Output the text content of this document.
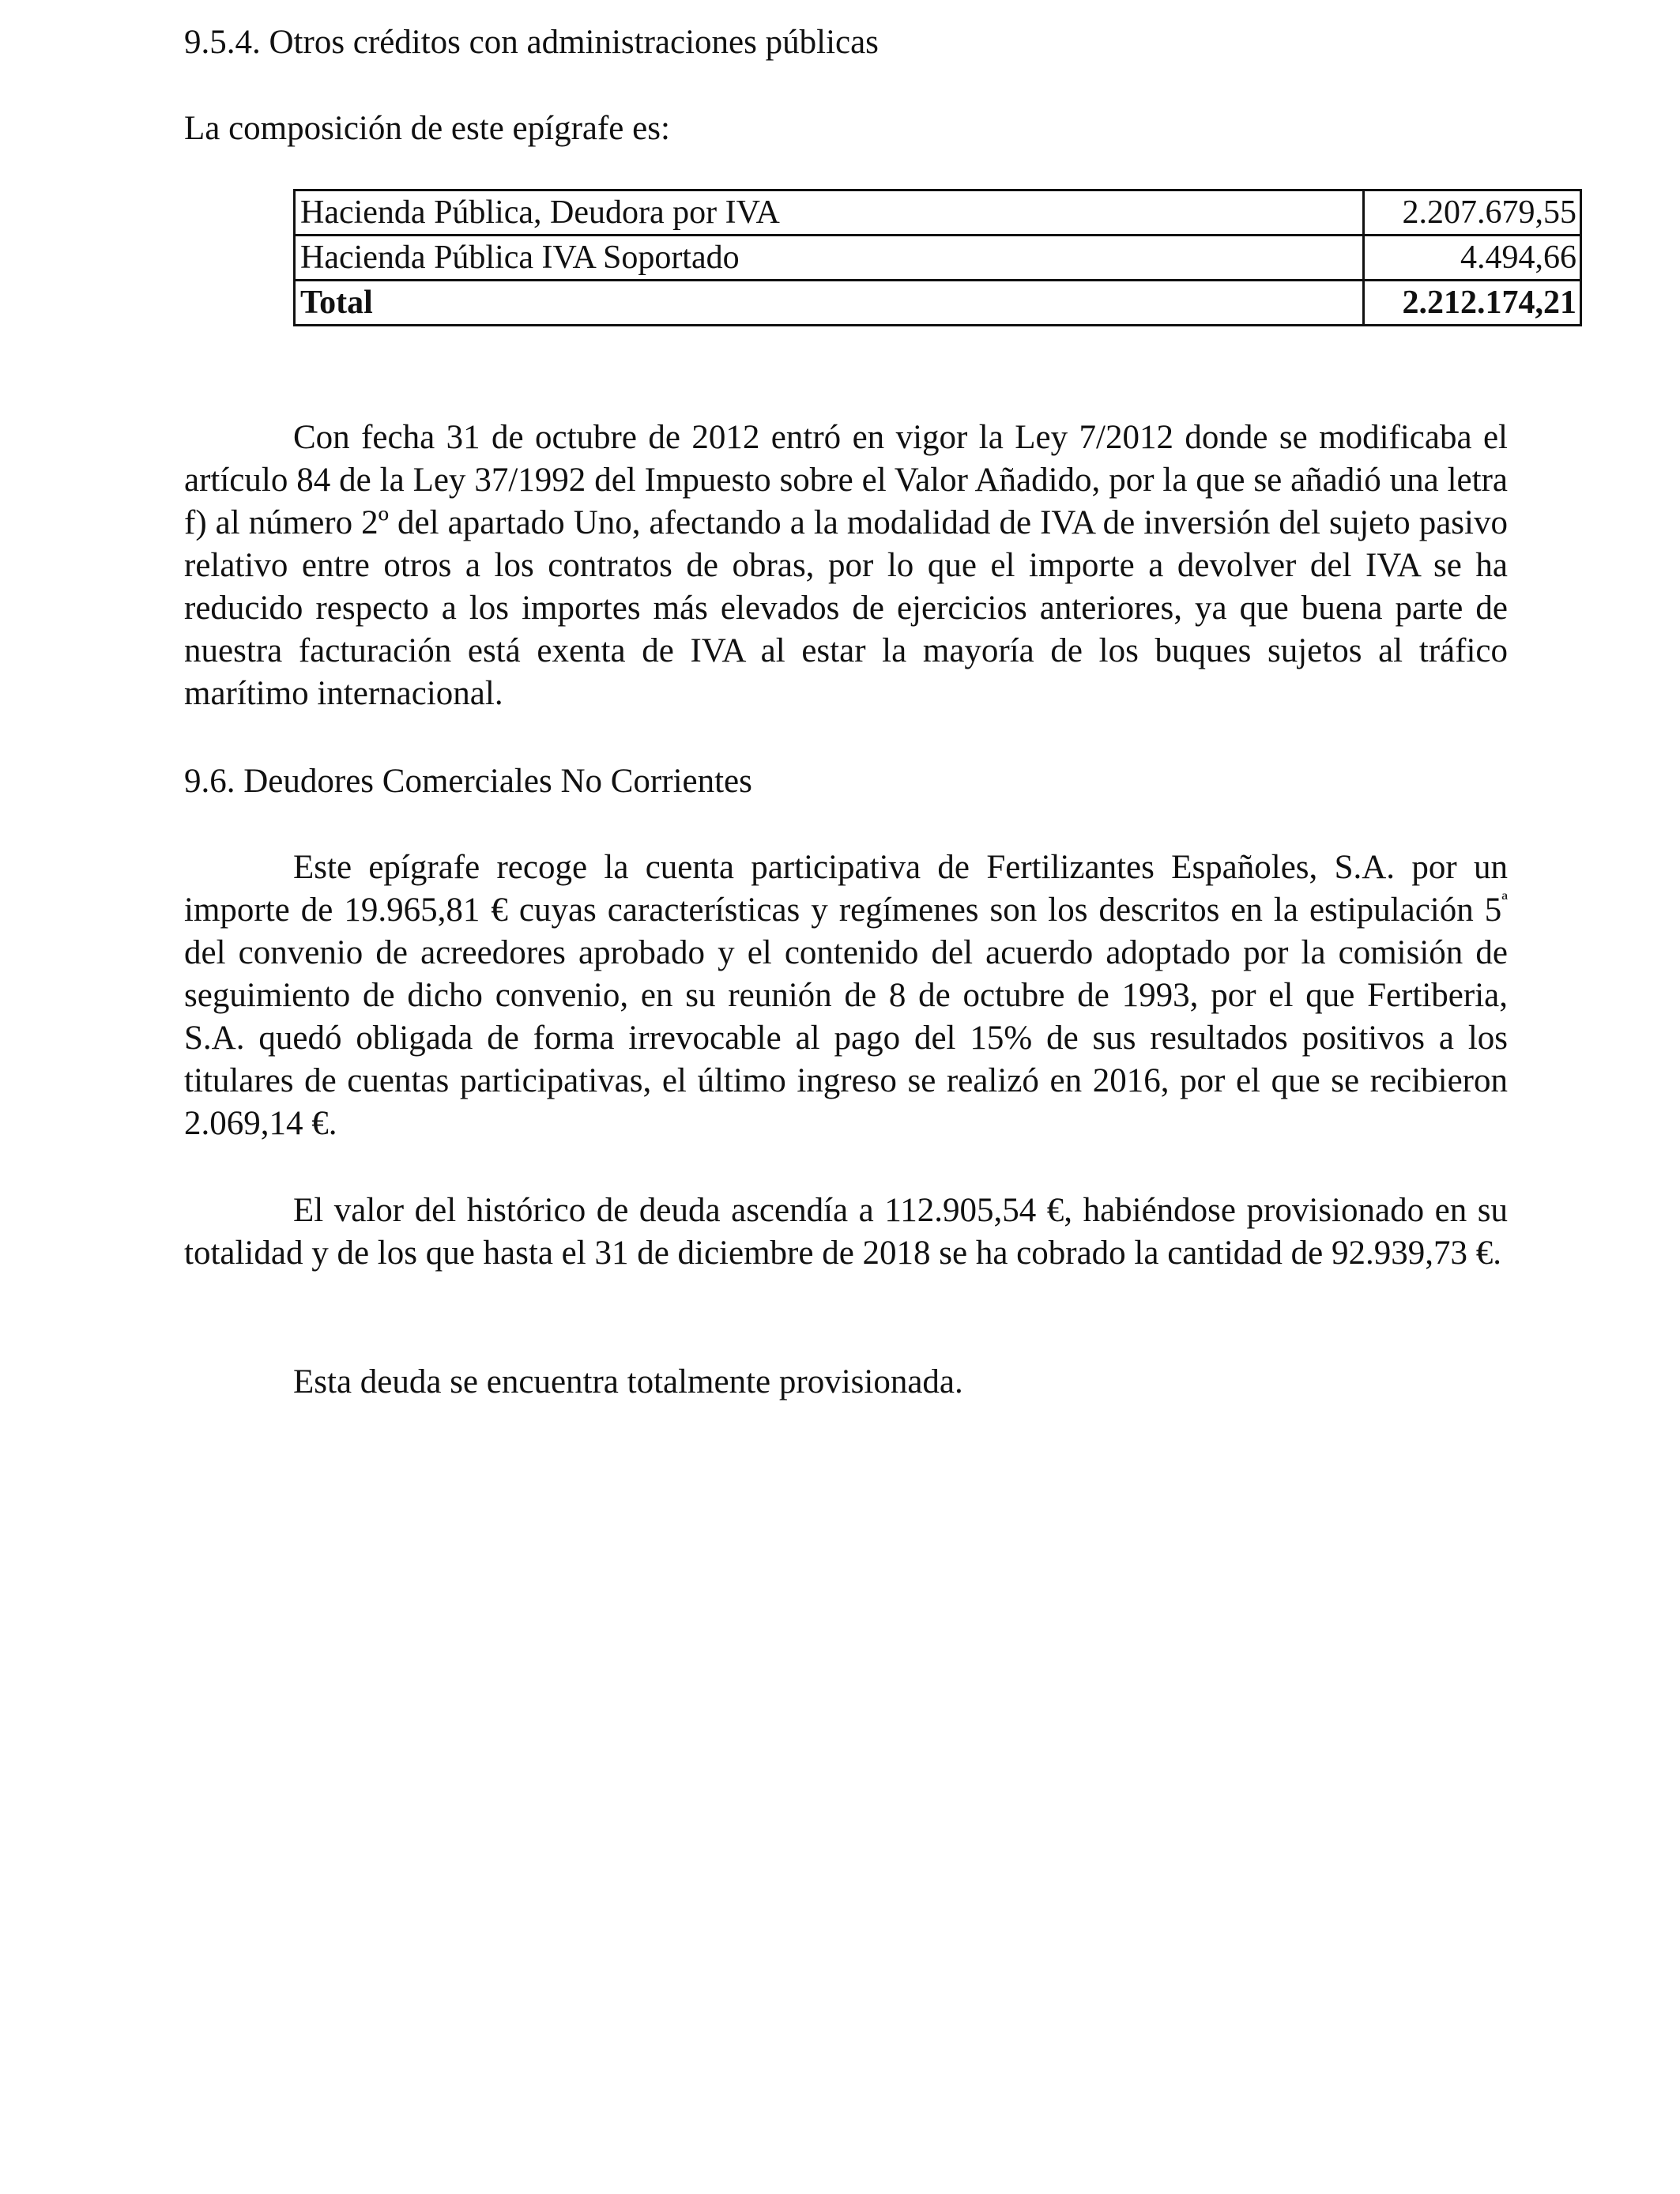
9.5.4. Otros créditos con administraciones públicas

La composición de este epígrafe es:

Hacienda Pública, Deudora por IVA	2.207.679,55
Hacienda Pública IVA Soportado	4.494,66
Total	2.212.174,21

Con fecha 31 de octubre de 2012 entró en vigor la Ley 7/2012 donde se modificaba el artículo 84 de la Ley 37/1992 del Impuesto sobre el Valor Añadido, por la que se añadió una letra f) al número 2º del apartado Uno, afectando a la modalidad de IVA de inversión del sujeto pasivo relativo entre otros a los contratos de obras, por lo que el importe a devolver del IVA se ha reducido respecto a los importes más elevados de ejercicios anteriores, ya que buena parte de nuestra facturación está exenta de IVA al estar la mayoría de los buques sujetos al tráfico marítimo internacional.

9.6. Deudores Comerciales No Corrientes

Este epígrafe recoge la cuenta participativa de Fertilizantes Españoles, S.A. por un importe de 19.965,81 € cuyas características y regímenes son los descritos en la estipulación $5^ª$ del convenio de acreedores aprobado y el contenido del acuerdo adoptado por la comisión de seguimiento de dicho convenio, en su reunión de 8 de octubre de 1993, por el que Fertiberia, S.A. quedó obligada de forma irrevocable al pago del 15% de sus resultados positivos a los titulares de cuentas participativas, el último ingreso se realizó en 2016, por el que se recibieron 2.069,14 €.

El valor del histórico de deuda ascendía a 112.905,54 €, habiéndose provisionado en su totalidad y de los que hasta el 31 de diciembre de 2018 se ha cobrado la cantidad de 92.939,73 €.

Esta deuda se encuentra totalmente provisionada.
